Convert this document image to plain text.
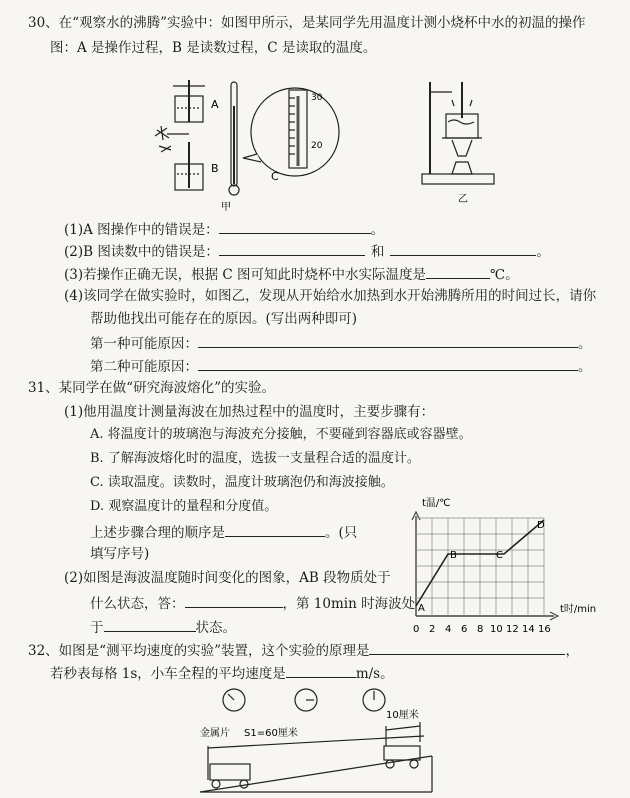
30、在“观察水的沸腾”实验中：如图甲所示，是某同学先用温度计测小烧杯中水的初温的操作
图：A 是操作过程，B 是读数过程，C 是读取的温度。
A
B
30
20
C
甲
乙
(1)A 图操作中的错误是：	。
(2)B 图读数中的错误是：	和	。
(3)若操作正确无误，根据 C 图可知此时烧杯中水实际温度是	℃。
(4)该同学在做实验时，如图乙，发现从开始给水加热到水开始沸腾所用的时间过长，请你
帮助他找出可能存在的原因。(写出两种即可)
第一种可能原因：	。
第二种可能原因：	。
31、某同学在做“研究海波熔化”的实验。
(1)他用温度计测量海波在加热过程中的温度时，主要步骤有：
A. 将温度计的玻璃泡与海波充分接触，不要碰到容器底或容器壁。
B. 了解海波熔化时的温度，选拔一支量程合适的温度计。
C. 读取温度。读数时，温度计玻璃泡仍和海波接触。
D. 观察温度计的量程和分度值。
上述步骤合理的顺序是	。(只
填写序号)
(2)如图是海波温度随时间变化的图象，AB 段物质处于
什么状态，答：	，第 10min 时海波处
于	状态。
t温/℃
t时/min
A
B	C
D
0 2 4 6 8 10 12 14 16
32、如图是“测平均速度的实验”装置，这个实验的原理是	，
若秒表每格 1s，小车全程的平均速度是	m/s。
金属片 S1=60厘米
10厘米
